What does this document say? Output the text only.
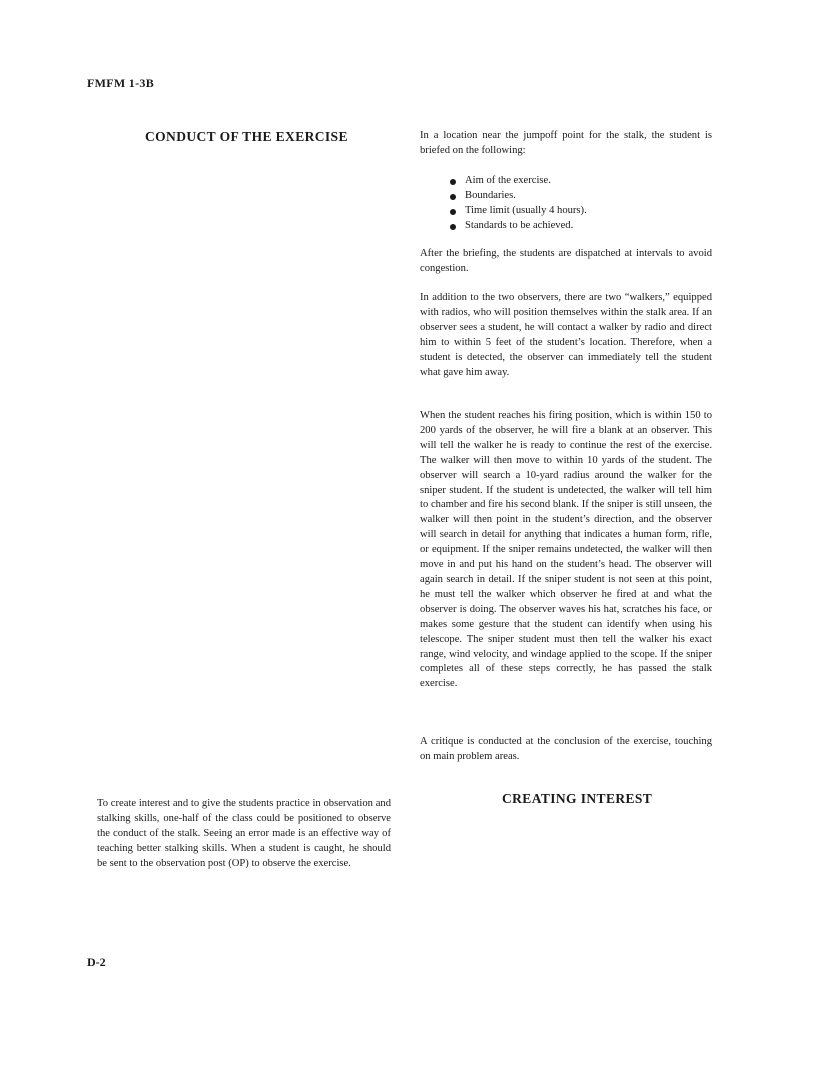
FMFM 1-3B
CONDUCT OF THE EXERCISE	In a location near the jumpoff point for the stalk, the student is briefed on the following:

Aim of the exercise.
Boundaries.
Time limit (usually 4 hours).
Standards to be achieved.

After the briefing, the students are dispatched at intervals to avoid congestion.

In addition to the two observers, there are two “walkers,” equipped with radios, who will position themselves within the stalk area. If an observer sees a student, he will contact a walker by radio and direct him to within 5 feet of the student’s location. Therefore, when a student is detected, the observer can immediately tell the student what gave him away.

When the student reaches his firing position, which is within 150 to 200 yards of the observer, he will fire a blank at an observer. This will tell the walker he is ready to continue the rest of the exercise. The walker will then move to within 10 yards of the student. The observer will search a 10-yard radius around the walker for the sniper student. If the student is undetected, the walker will tell him to chamber and fire his second blank. If the sniper is still unseen, the walker will then point in the student’s direction, and the observer will search in detail for anything that indicates a human form, rifle, or equipment. If the sniper remains undetected, the walker will then move in and put his hand on the student’s head. The observer will again search in detail. If the sniper student is not seen at this point, he must tell the walker which observer he fired at and what the observer is doing. The observer waves his hat, scratches his face, or makes some gesture that the student can identify when using his telescope. The sniper student must then tell the walker his exact range, wind velocity, and windage applied to the scope. If the sniper completes all of these steps correctly, he has passed the stalk exercise.

A critique is conducted at the conclusion of the exercise, touching on main problem areas.

CREATING INTEREST

To create interest and to give the students practice in observation and stalking skills, one-half of the class could be positioned to observe the conduct of the stalk. Seeing an error made is an effective way of teaching better stalking skills. When a student is caught, he should be sent to the observation post (OP) to observe the exercise.

D-2
